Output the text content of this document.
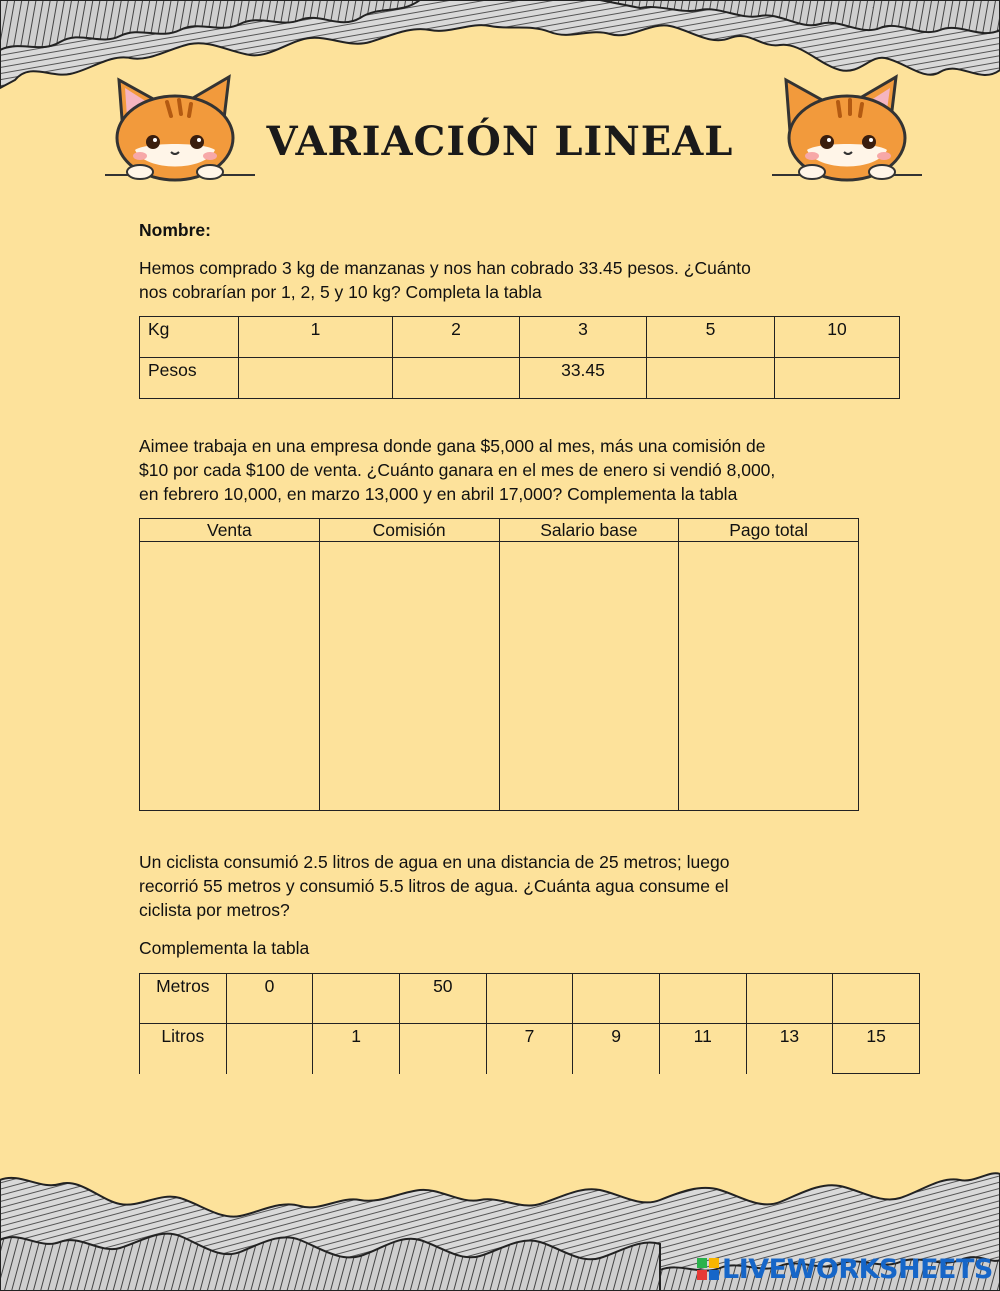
VARIACIÓN LINEAL
Nombre:
Hemos comprado 3 kg de manzanas y nos han cobrado 33.45 pesos. ¿Cuánto
nos cobrarían por 1, 2, 5 y 10 kg? Completa la tabla
Kg	1	2	3	5	10
Pesos			33.45		
Aimee trabaja en una empresa donde gana $5,000 al mes, más una comisión de
$10 por cada $100 de venta. ¿Cuánto ganara en el mes de enero si vendió 8,000,
en febrero 10,000, en marzo 13,000 y en abril 17,000? Complementa la tabla
Venta	Comisión	Salario base	Pago total

Un ciclista consumió 2.5 litros de agua en una distancia de 25 metros; luego
recorrió 55 metros y consumió 5.5 litros de agua. ¿Cuánta agua consume el
ciclista por metros?
Complementa la tabla
Metros	0		50					
Litros		1		7	9	11	13	15
LIVEWORKSHEETS
